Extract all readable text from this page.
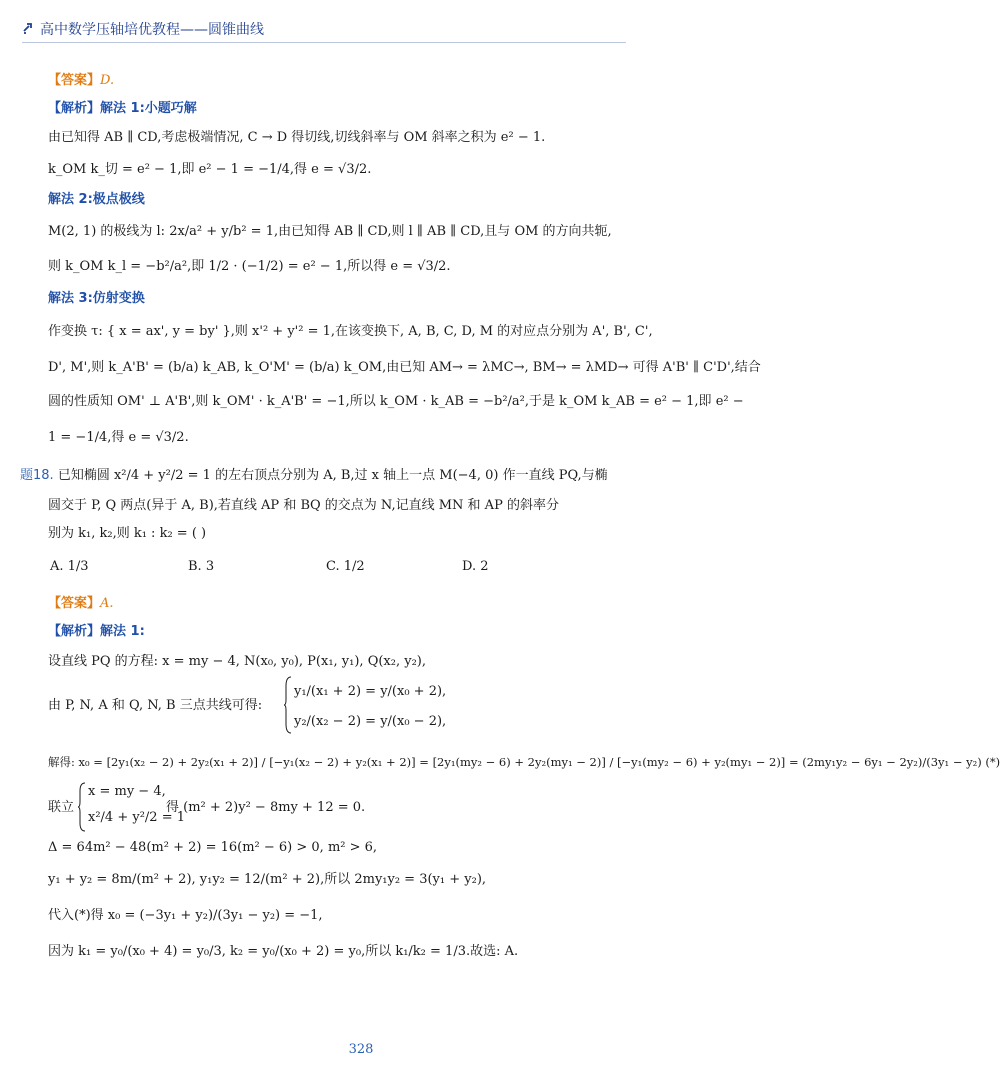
高中数学压轴培优教程——圆锥曲线
【答案】D.
【解析】解法 1:小题巧解
由已知得 AB ∥ CD,考虑极端情况, C → D 得切线,切线斜率与 OM 斜率之积为 e² − 1.
k_OM k_切 = e² − 1,即 e² − 1 = −1/4,得 e = √3/2.
解法 2:极点极线
M(2, 1) 的极线为 l: 2x/a² + y/b² = 1,由已知得 AB ∥ CD,则 l ∥ AB ∥ CD,且与 OM 的方向共轭,
则 k_OM k_l = −b²/a²,即 1/2 · (−1/2) = e² − 1,所以得 e = √3/2.
解法 3:仿射变换
作变换 τ: { x = ax', y = by' },则 x'² + y'² = 1,在该变换下, A, B, C, D, M 的对应点分别为 A', B', C',
D', M',则 k_A'B' = (b/a) k_AB, k_O'M' = (b/a) k_OM,由已知 AM→ = λMC→, BM→ = λMD→ 可得 A'B' ∥ C'D',结合
圆的性质知 OM' ⊥ A'B',则 k_OM' · k_A'B' = −1,所以 k_OM · k_AB = −b²/a²,于是 k_OM k_AB = e² − 1,即 e² −
1 = −1/4,得 e = √3/2.
题18. 已知椭圆 x²/4 + y²/2 = 1 的左右顶点分别为 A, B,过 x 轴上一点 M(−4, 0) 作一直线 PQ,与椭
圆交于 P, Q 两点(异于 A, B),若直线 AP 和 BQ 的交点为 N,记直线 MN 和 AP 的斜率分
别为 k₁, k₂,则 k₁ : k₂ = ( )
A. 1/3	B. 3	C. 1/2	D. 2
【答案】A.
【解析】解法 1:
设直线 PQ 的方程: x = my − 4, N(x₀, y₀), P(x₁, y₁), Q(x₂, y₂),
由 P, N, A 和 Q, N, B 三点共线可得:
y₁/(x₁ + 2) = y/(x₀ + 2),
y₂/(x₂ − 2) = y/(x₀ − 2),
解得: x₀ = [2y₁(x₂ − 2) + 2y₂(x₁ + 2)] / [−y₁(x₂ − 2) + y₂(x₁ + 2)] = [2y₁(my₂ − 6) + 2y₂(my₁ − 2)] / [−y₁(my₂ − 6) + y₂(my₁ − 2)] = (2my₁y₂ − 6y₁ − 2y₂)/(3y₁ − y₂) (*)
联立
x = my − 4,
x²/4 + y²/2 = 1
得 (m² + 2)y² − 8my + 12 = 0.
Δ = 64m² − 48(m² + 2) = 16(m² − 6) > 0, m² > 6,
y₁ + y₂ = 8m/(m² + 2), y₁y₂ = 12/(m² + 2),所以 2my₁y₂ = 3(y₁ + y₂),
代入(*)得 x₀ = (−3y₁ + y₂)/(3y₁ − y₂) = −1,
因为 k₁ = y₀/(x₀ + 4) = y₀/3, k₂ = y₀/(x₀ + 2) = y₀,所以 k₁/k₂ = 1/3.故选: A.
328
